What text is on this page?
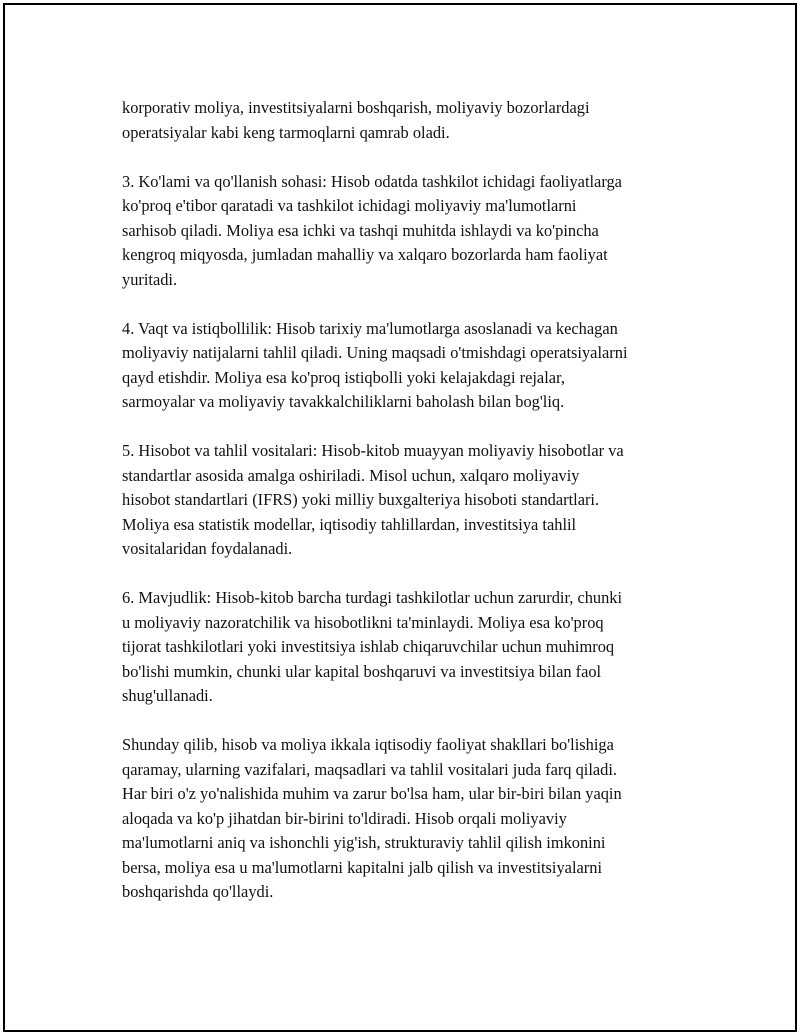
korporativ moliya, investitsiyalarni boshqarish, moliyaviy bozorlardagi
operatsiyalar kabi keng tarmoqlarni qamrab oladi.

3. Ko'lami va qo'llanish sohasi: Hisob odatda tashkilot ichidagi faoliyatlarga
ko'proq e'tibor qaratadi va tashkilot ichidagi moliyaviy ma'lumotlarni
sarhisob qiladi. Moliya esa ichki va tashqi muhitda ishlaydi va ko'pincha
kengroq miqyosda, jumladan mahalliy va xalqaro bozorlarda ham faoliyat
yuritadi.

4. Vaqt va istiqbollilik: Hisob tarixiy ma'lumotlarga asoslanadi va kechagan
moliyaviy natijalarni tahlil qiladi. Uning maqsadi o'tmishdagi operatsiyalarni
qayd etishdir. Moliya esa ko'proq istiqbolli yoki kelajakdagi rejalar,
sarmoyalar va moliyaviy tavakkalchiliklarni baholash bilan bog'liq.

5. Hisobot va tahlil vositalari: Hisob-kitob muayyan moliyaviy hisobotlar va
standartlar asosida amalga oshiriladi. Misol uchun, xalqaro moliyaviy
hisobot standartlari (IFRS) yoki milliy buxgalteriya hisoboti standartlari.
Moliya esa statistik modellar, iqtisodiy tahlillardan, investitsiya tahlil
vositalaridan foydalanadi.

6. Mavjudlik: Hisob-kitob barcha turdagi tashkilotlar uchun zarurdir, chunki
u moliyaviy nazoratchilik va hisobotlikni ta'minlaydi. Moliya esa ko'proq
tijorat tashkilotlari yoki investitsiya ishlab chiqaruvchilar uchun muhimroq
bo'lishi mumkin, chunki ular kapital boshqaruvi va investitsiya bilan faol
shug'ullanadi.

Shunday qilib, hisob va moliya ikkala iqtisodiy faoliyat shakllari bo'lishiga
qaramay, ularning vazifalari, maqsadlari va tahlil vositalari juda farq qiladi.
Har biri o'z yo'nalishida muhim va zarur bo'lsa ham, ular bir-biri bilan yaqin
aloqada va ko'p jihatdan bir-birini to'ldiradi. Hisob orqali moliyaviy
ma'lumotlarni aniq va ishonchli yig'ish, strukturaviy tahlil qilish imkonini
bersa, moliya esa u ma'lumotlarni kapitalni jalb qilish va investitsiyalarni
boshqarishda qo'llaydi.
